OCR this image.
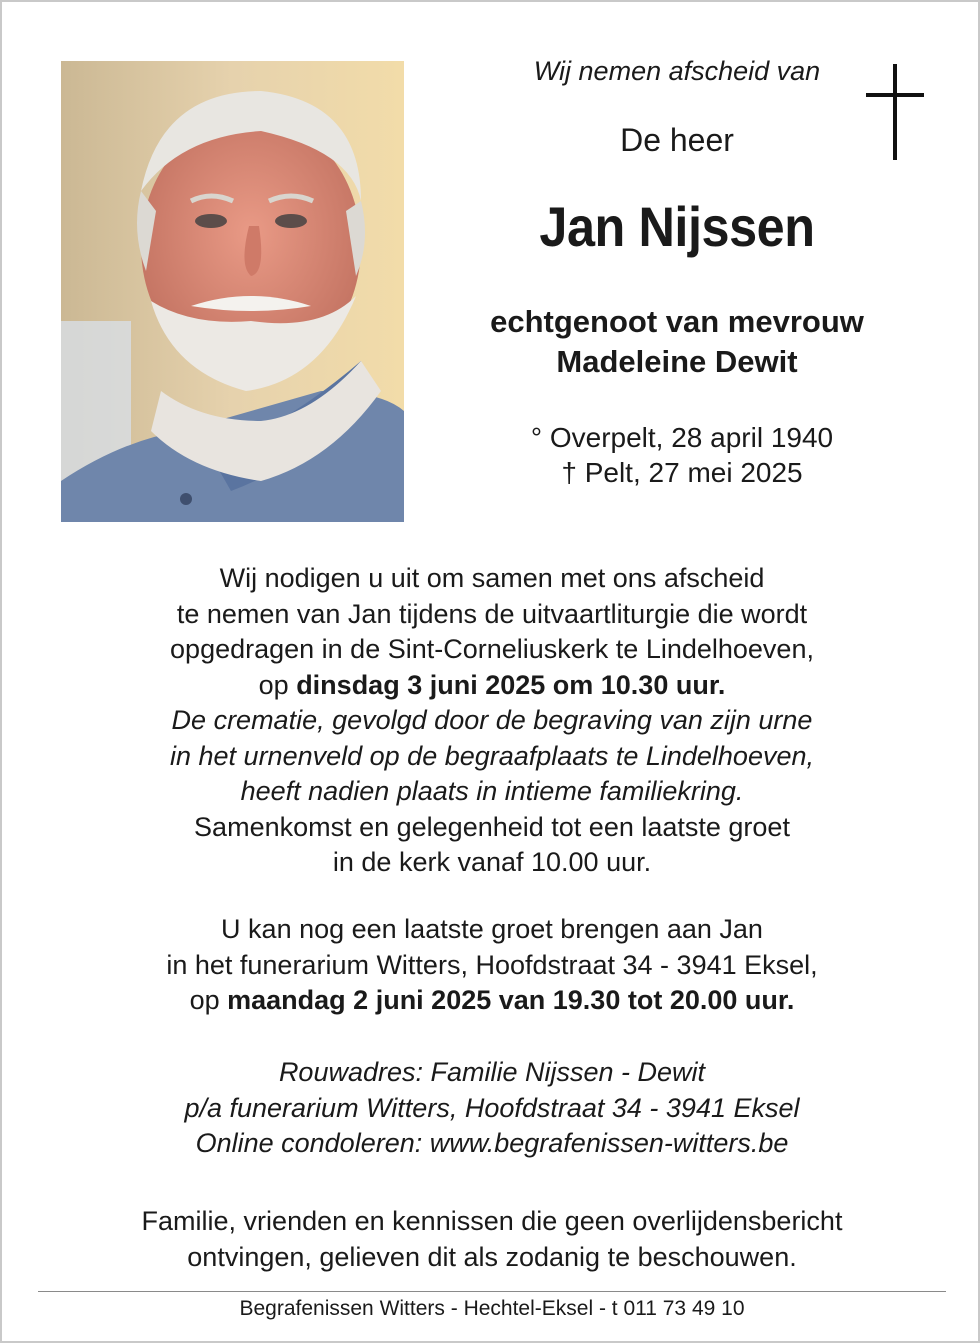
Wij nemen afscheid van
De heer
Jan Nijssen
echtgenoot van mevrouw
Madeleine Dewit
° Overpelt, 28 april 1940
† Pelt, 27 mei 2025
Wij nodigen u uit om samen met ons afscheid
te nemen van Jan tijdens de uitvaartliturgie die wordt
opgedragen in de Sint-Corneliuskerk te Lindelhoeven,
op dinsdag 3 juni 2025 om 10.30 uur.
De crematie, gevolgd door de begraving van zijn urne
in het urnenveld op de begraafplaats te Lindelhoeven,
heeft nadien plaats in intieme familiekring.
Samenkomst en gelegenheid tot een laatste groet
in de kerk vanaf 10.00 uur.
U kan nog een laatste groet brengen aan Jan
in het funerarium Witters, Hoofdstraat 34 - 3941 Eksel,
op maandag 2 juni 2025 van 19.30 tot 20.00 uur.
Rouwadres: Familie Nijssen - Dewit
p/a funerarium Witters, Hoofdstraat 34 - 3941 Eksel
Online condoleren: www.begrafenissen-witters.be
Familie, vrienden en kennissen die geen overlijdensbericht
ontvingen, gelieven dit als zodanig te beschouwen.
Begrafenissen Witters - Hechtel-Eksel - t 011 73 49 10
